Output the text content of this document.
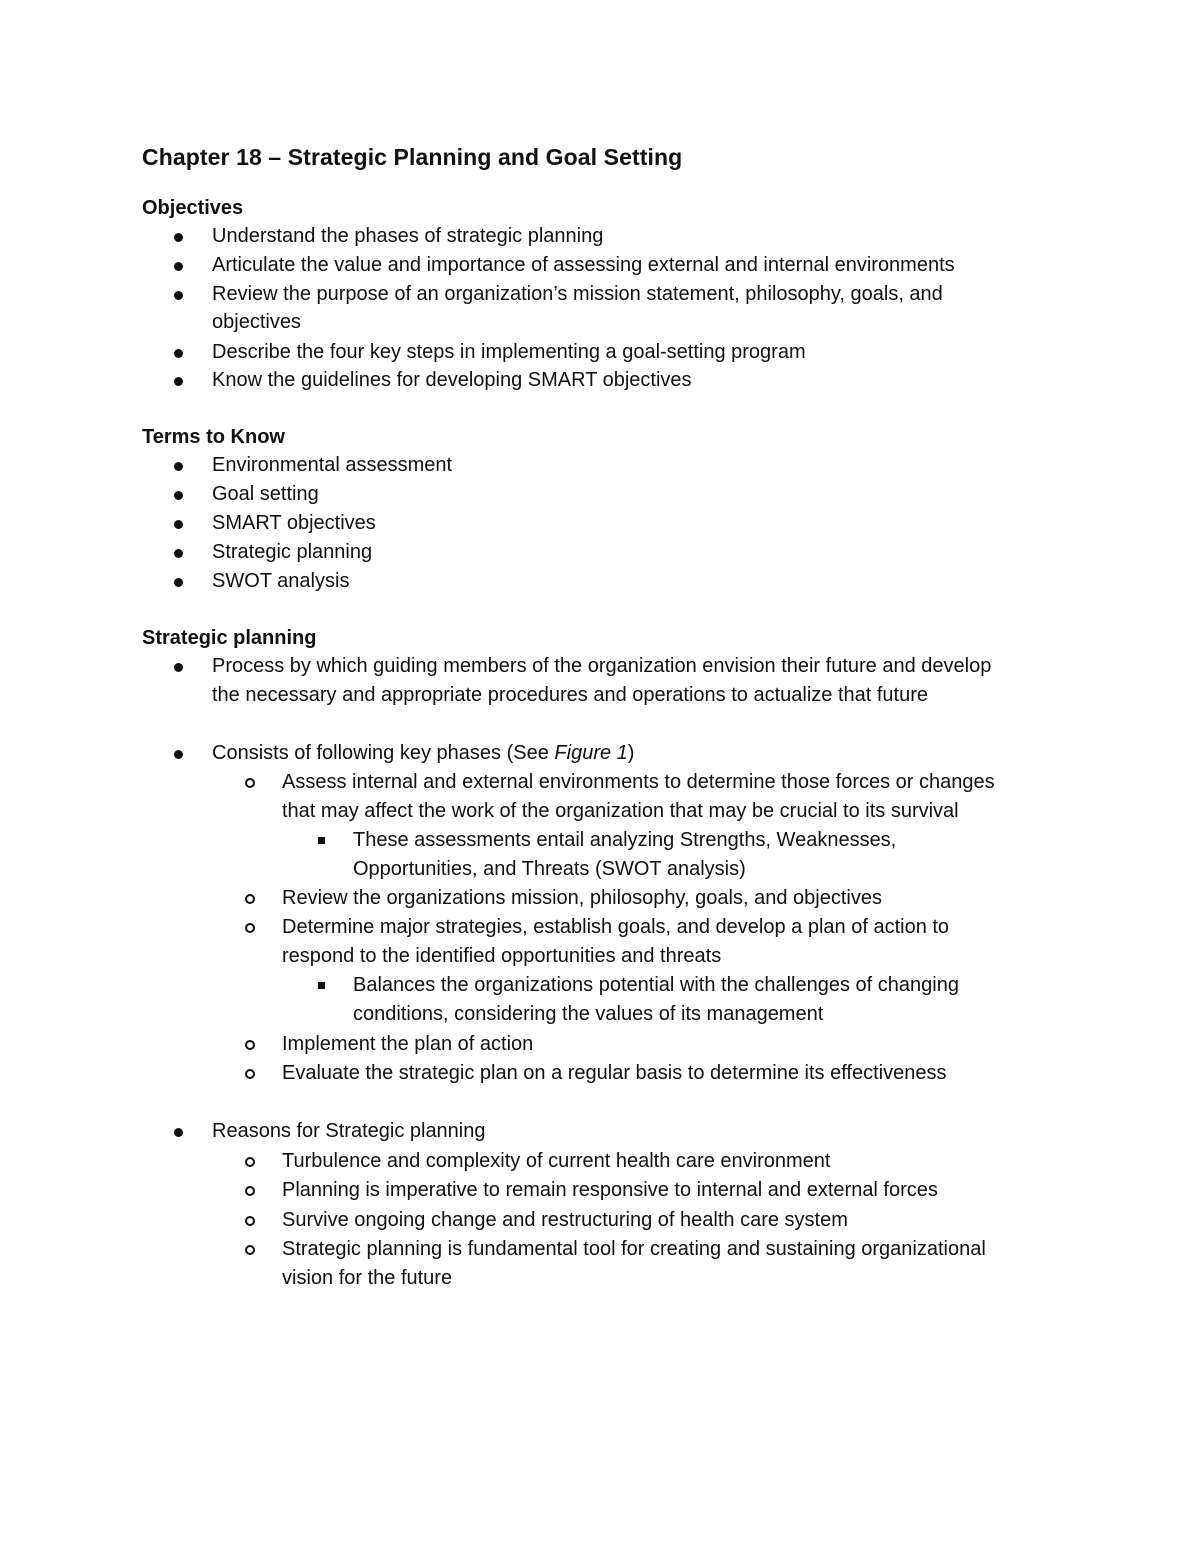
Chapter 18 – Strategic Planning and Goal Setting
Objectives
Understand the phases of strategic planning
Articulate the value and importance of assessing external and internal environments
Review the purpose of an organization’s mission statement, philosophy, goals, and
objectives
Describe the four key steps in implementing a goal-setting program
Know the guidelines for developing SMART objectives
Terms to Know
Environmental assessment
Goal setting
SMART objectives
Strategic planning
SWOT analysis
Strategic planning
Process by which guiding members of the organization envision their future and develop
the necessary and appropriate procedures and operations to actualize that future
Consists of following key phases (See Figure 1)
Assess internal and external environments to determine those forces or changes
that may affect the work of the organization that may be crucial to its survival
These assessments entail analyzing Strengths, Weaknesses,
Opportunities, and Threats (SWOT analysis)
Review the organizations mission, philosophy, goals, and objectives
Determine major strategies, establish goals, and develop a plan of action to
respond to the identified opportunities and threats
Balances the organizations potential with the challenges of changing
conditions, considering the values of its management
Implement the plan of action
Evaluate the strategic plan on a regular basis to determine its effectiveness
Reasons for Strategic planning
Turbulence and complexity of current health care environment
Planning is imperative to remain responsive to internal and external forces
Survive ongoing change and restructuring of health care system
Strategic planning is fundamental tool for creating and sustaining organizational
vision for the future
